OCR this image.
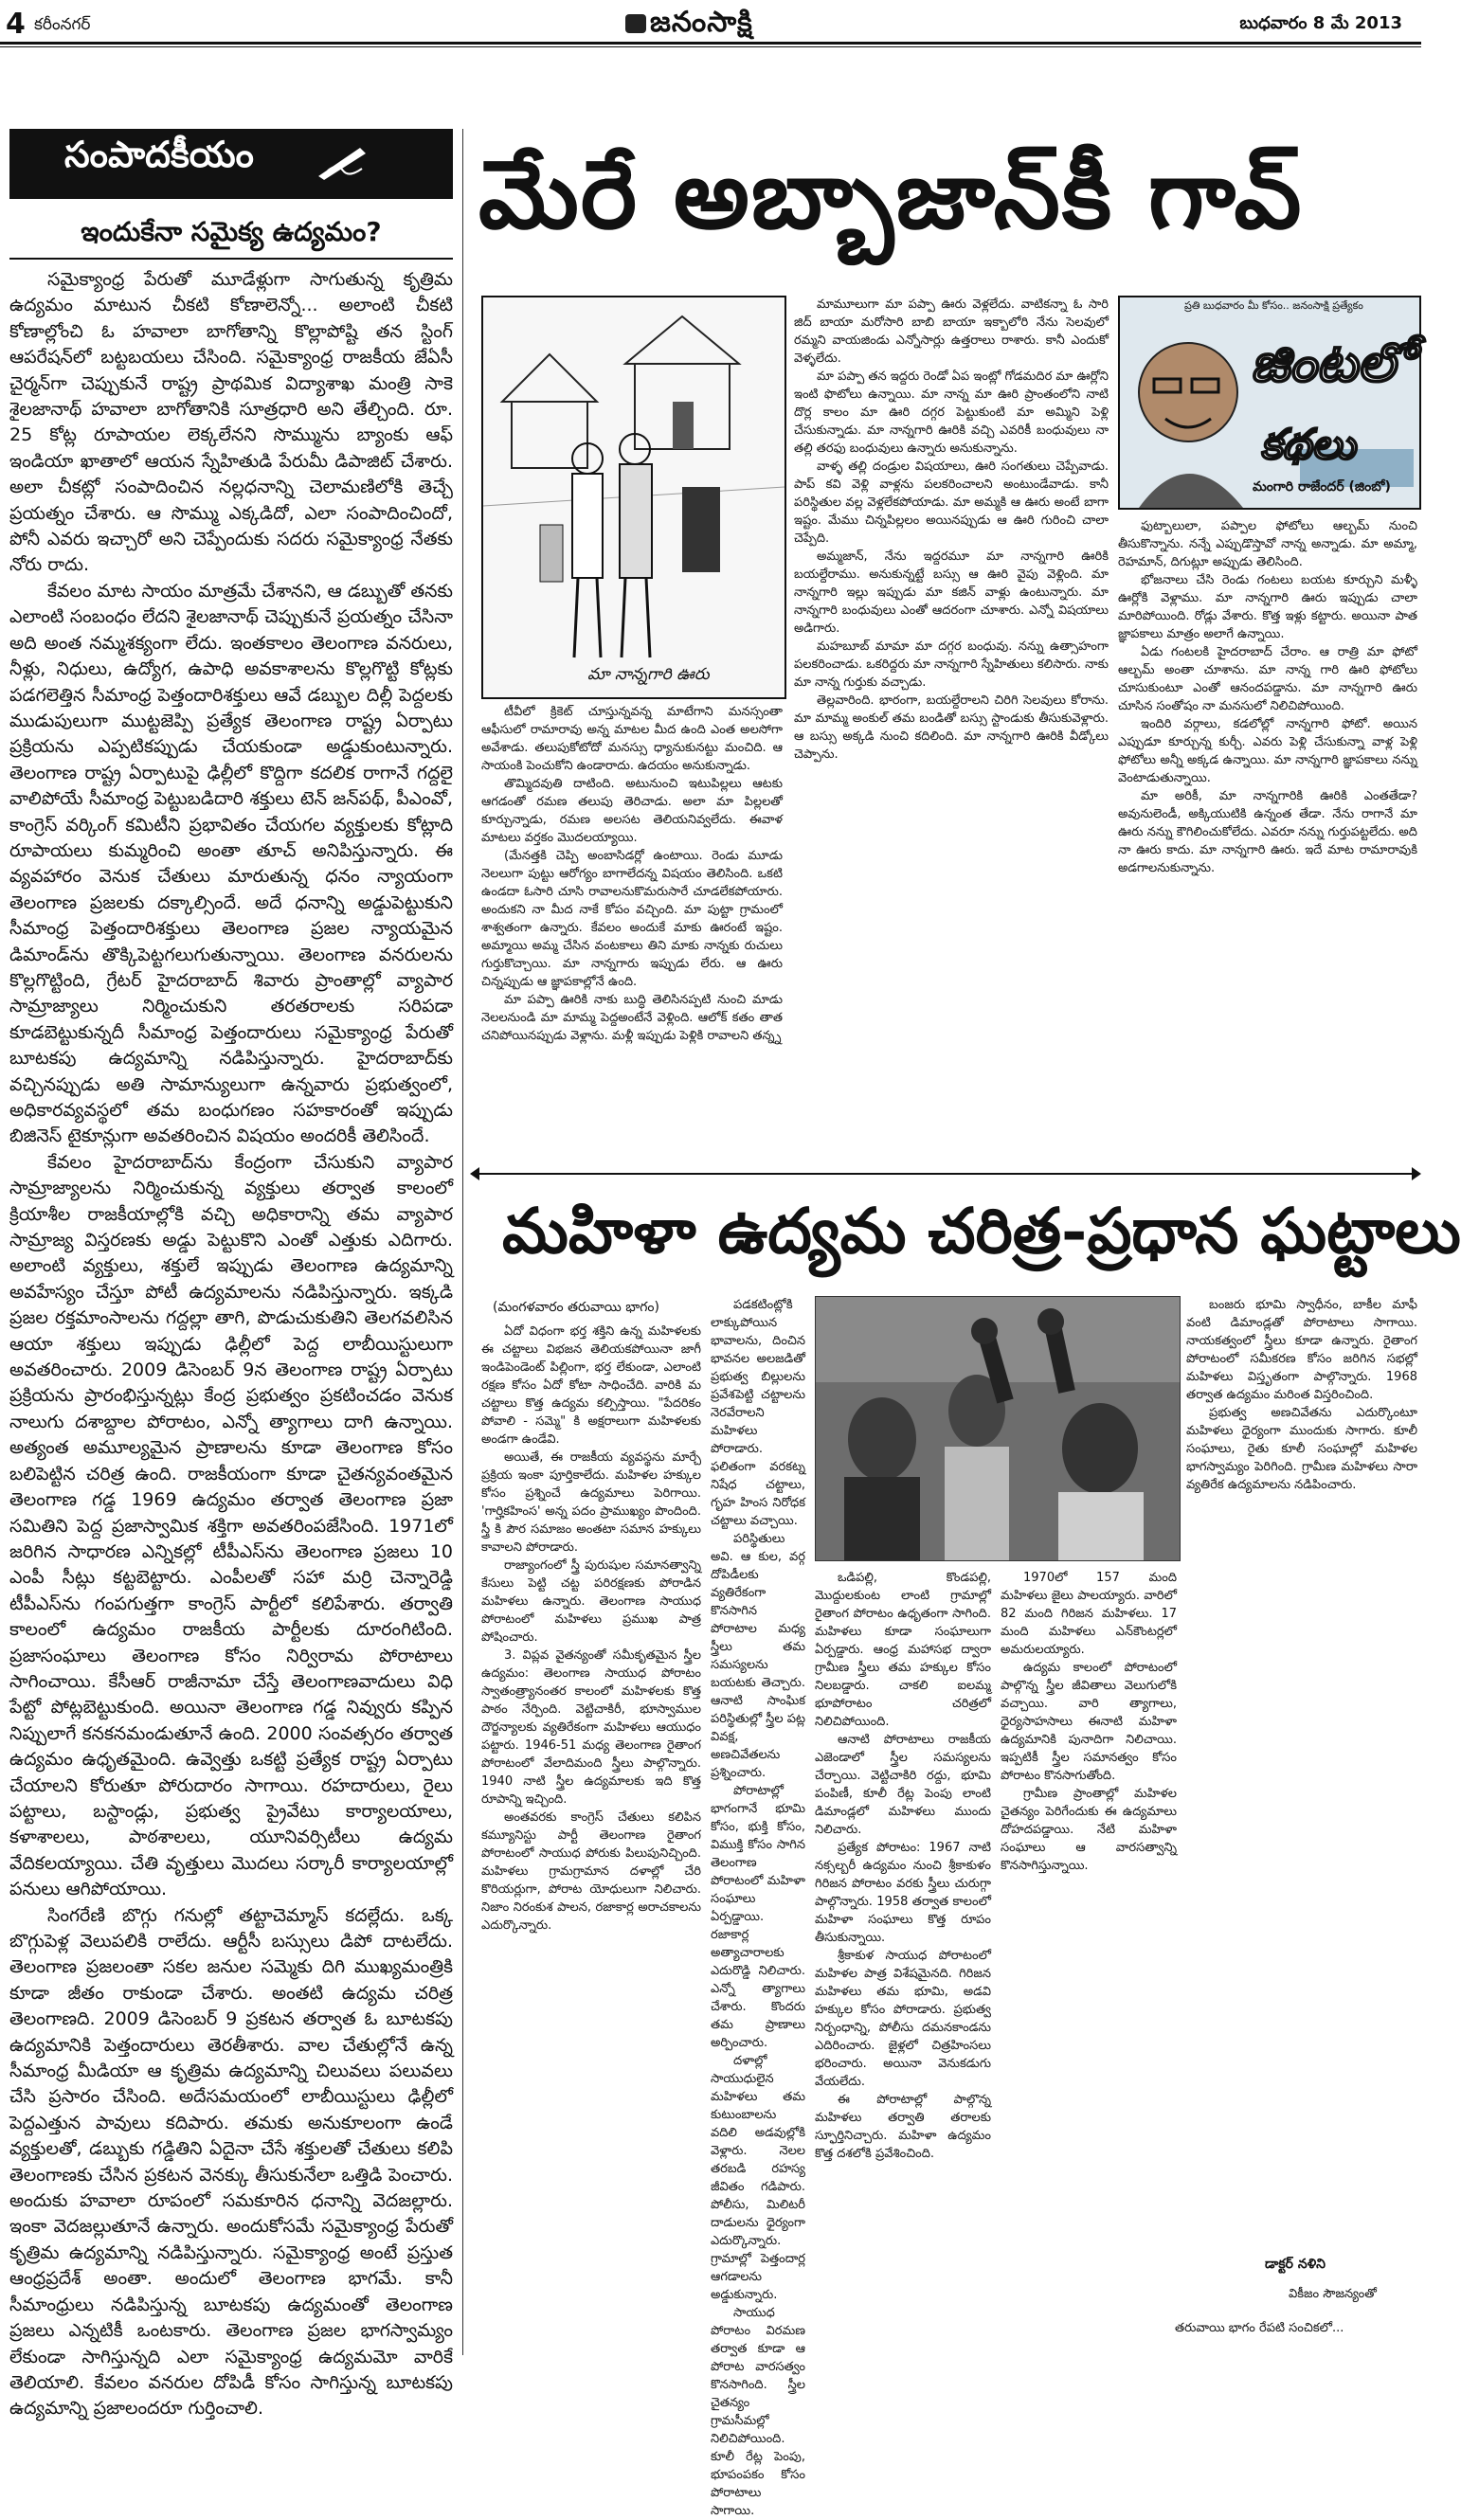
4 కరీంనగర్	జనంసాక్షి	బుధవారం 8 మే 2013
సంపాదకీయం
ఇందుకేనా సమైక్య ఉద్యమం?

సమైక్యాంధ్ర పేరుతో మూడేళ్లుగా సాగుతున్న కృత్రిమ ఉద్యమం మాటున చీకటి కోణాలెన్నో... అలాంటి చీకటి కోణాల్లోంచి ఓ హవాలా బాగోతాన్ని కొల్లాపోష్టి తన స్టింగ్ ఆపరేషన్‌లో బట్టబయలు చేసింది. సమైక్యాంధ్ర రాజకీయ జేఏసీ చైర్మన్‌గా చెప్పుకునే రాష్ట్ర ప్రాథమిక విద్యాశాఖ మంత్రి సాకె శైలజానాథ్ హవాలా బాగోతానికి సూత్రధారి అని తేల్చింది. రూ. 25 కోట్ల రూపాయల లెక్కలేనని సొమ్మును బ్యాంకు ఆఫ్ ఇండియా ఖాతాలో ఆయన స్నేహితుడి పేరుమీ డిపాజిట్ చేశారు. అలా చీకట్లో సంపాదించిన నల్లధనాన్ని చెలామణిలోకి తెచ్చే ప్రయత్నం చేశారు. ఆ సొమ్ము ఎక్కడిదో, ఎలా సంపాదించిందో, పోనీ ఎవరు ఇచ్చారో అని చెప్పేందుకు సదరు సమైక్యాంధ్ర నేతకు నోరు రాదు.

కేవలం మాట సాయం మాత్రమే చేశానని, ఆ డబ్బుతో తనకు ఎలాంటి సంబంధం లేదని శైలజానాథ్ చెప్పుకునే ప్రయత్నం చేసినా అది అంత నమ్మశక్యంగా లేదు. ఇంతకాలం తెలంగాణ వనరులు, నీళ్లు, నిధులు, ఉద్యోగ, ఉపాధి అవకాశాలను కొల్లగొట్టి కోట్లకు పడగలెత్తిన సీమాంధ్ర పెత్తందారిశక్తులు ఆవే డబ్బుల దిల్లీ పెద్దలకు ముడుపులుగా ముట్టజెప్పి ప్రత్యేక తెలంగాణ రాష్ట్ర ఏర్పాటు ప్రక్రియను ఎప్పటికప్పుడు చేయకుండా అడ్డుకుంటున్నారు. తెలంగాణ రాష్ట్ర ఏర్పాటుపై ఢిల్లీలో కొద్దిగా కదలిక రాగానే గద్దలై వాలిపోయే సీమాంధ్ర పెట్టుబడిదారి శక్తులు టెన్ జన్‌పథ్, పీఎంవో, కాంగ్రెస్ వర్కింగ్ కమిటీని ప్రభావితం చేయగల వ్యక్తులకు కోట్లాది రూపాయలు కుమ్మరించి అంతా తూచ్ అనిపిస్తున్నారు. ఈ వ్యవహారం వెనుక చేతులు మారుతున్న ధనం న్యాయంగా తెలంగాణ ప్రజలకు దక్కాల్సిందే. అదే ధనాన్ని అడ్డుపెట్టుకుని సీమాంధ్ర పెత్తందారిశక్తులు తెలంగాణ ప్రజల న్యాయమైన డిమాండ్‌ను తొక్కిపెట్టగలుగుతున్నాయి. తెలంగాణ వనరులను కొల్లగొట్టింది, గ్రేటర్ హైదరాబాద్ శివారు ప్రాంతాల్లో వ్యాపార సామ్రాజ్యాలు నిర్మించుకుని తరతరాలకు సరిపడా కూడబెట్టుకున్నదీ సీమాంధ్ర పెత్తందారులు సమైక్యాంధ్ర పేరుతో బూటకపు ఉద్యమాన్ని నడిపిస్తున్నారు. హైదరాబాద్‌కు వచ్చినప్పుడు అతి సామాన్యులుగా ఉన్నవారు ప్రభుత్వంలో, అధికారవ్యవస్థలో తమ బంధుగణం సహకారంతో ఇప్పుడు బిజినెస్ టైకూన్లుగా అవతరించిన విషయం అందరికీ తెలిసిందే.

కేవలం హైదరాబాద్‌ను కేంద్రంగా చేసుకుని వ్యాపార సామ్రాజ్యాలను నిర్మించుకున్న వ్యక్తులు తర్వాత కాలంలో క్రియాశీల రాజకీయాల్లోకి వచ్చి అధికారాన్ని తమ వ్యాపార సామ్రాజ్య విస్తరణకు అడ్డు పెట్టుకొని ఎంతో ఎత్తుకు ఎదిగారు. అలాంటి వ్యక్తులు, శక్తులే ఇప్పుడు తెలంగాణ ఉద్యమాన్ని అవహేస్యం చేస్తూ పోటీ ఉద్యమాలను నడిపిస్తున్నారు. ఇక్కడి ప్రజల రక్తమాంసాలను గద్దల్లా తాగి, పొడుచుకుతిని తెలగవలిసిన ఆయా శక్తులు ఇప్పుడు ఢిల్లీలో పెద్ద లాబీయిస్టులుగా అవతరించారు. 2009 డిసెంబర్ 9న తెలంగాణ రాష్ట్ర ఏర్పాటు ప్రక్రియను ప్రారంభిస్తున్నట్లు కేంద్ర ప్రభుత్వం ప్రకటించడం వెనుక నాలుగు దశాబ్దాల పోరాటం, ఎన్నో త్యాగాలు దాగి ఉన్నాయి. అత్యంత అమూల్యమైన ప్రాణాలను కూడా తెలంగాణ కోసం బలిపెట్టిన చరిత్ర ఉంది. రాజకీయంగా కూడా చైతన్యవంతమైన తెలంగాణ గడ్డ 1969 ఉద్యమం తర్వాత తెలంగాణ ప్రజా సమితిని పెద్ద ప్రజాస్వామిక శక్తిగా అవతరింపజేసింది. 1971లో జరిగిన సాధారణ ఎన్నికల్లో టీపీఎస్‌ను తెలంగాణ ప్రజలు 10 ఎంపీ సీట్లు కట్టబెట్టారు. ఎంపీలతో సహా మర్రి చెన్నారెడ్డి టీపీఎస్‌ను గంపగుత్తగా కాంగ్రెస్ పార్టీలో కలిపేశారు. తర్వాతి కాలంలో ఉద్యమం రాజకీయ పార్టీలకు దూరంగిటింది. ప్రజాసంఘాలు తెలంగాణ కోసం నిర్విరామ పోరాటాలు సాగించాయి. కేసీఆర్ రాజీనామా చేస్తే తెలంగాణవాదులు విధి పేట్టో పోట్లబెట్టుకుంది. అయినా తెలంగాణ గడ్డ నివ్వురు కప్పిన నిప్పులాగే కనకనమండుతూనే ఉంది. 2000 సంవత్సరం తర్వాత ఉద్యమం ఉధృతమైంది. ఉవ్వెత్తు ఒకట్టి ప్రత్యేక రాష్ట్ర ఏర్పాటు చేయాలని కోరుతూ పోరుదారం సాగాయి. రహదారులు, రైలు పట్టాలు, బస్టాండ్లు, ప్రభుత్వ ప్రైవేటు కార్యాలయాలు, కళాశాలలు, పాఠశాలలు, యూనివర్సిటీలు ఉద్యమ వేదికలయ్యాయి. చేతి వృత్తులు మొదలు సర్కారీ కార్యాలయాల్లో పనులు ఆగిపోయాయి.

సింగరేణి బొగ్గు గనుల్లో తట్టాచెమ్మాస్ కదల్లేదు. ఒక్క బొగ్గుపెళ్ల వెలుపలికి రాలేదు. ఆర్టీసీ బస్సులు డిపో దాటలేదు. తెలంగాణ ప్రజలంతా సకల జనుల సమ్మెకు దిగి ముఖ్యమంత్రికి కూడా జీతం రాకుండా చేశారు. అంతటి ఉద్యమ చరిత్ర తెలంగాణది. 2009 డిసెంబర్ 9 ప్రకటన తర్వాత ఓ బూటకపు ఉద్యమానికి పెత్తందారులు తెరతీశారు. వాల చేతుల్లోనే ఉన్న సీమాంధ్ర మీడియా ఆ కృత్రిమ ఉద్యమాన్ని చిలువలు పలువలు చేసి ప్రసారం చేసింది. అదేసమయంలో లాబీయిస్టులు ఢిల్లీలో పెద్దఎత్తున పావులు కదిపారు. తమకు అనుకూలంగా ఉండే వ్యక్తులతో, డబ్బుకు గడ్డితిని ఏదైనా చేసే శక్తులతో చేతులు కలిపి తెలంగాణకు చేసిన ప్రకటన వెనక్కు తీసుకునేలా ఒత్తిడి పెంచారు. అందుకు హవాలా రూపంలో సమకూరిన ధనాన్ని వెదజల్లారు. ఇంకా వెదజల్లుతూనే ఉన్నారు. అందుకోసమే సమైక్యాంధ్ర పేరుతో కృత్రిమ ఉద్యమాన్ని నడిపిస్తున్నారు. సమైక్యాంధ్ర అంటే ప్రస్తుత ఆంధ్రప్రదేశ్ అంతా. అందులో తెలంగాణ భాగమే. కానీ సీమాంధ్రులు నడిపిస్తున్న బూటకపు ఉద్యమంతో తెలంగాణ ప్రజలు ఎన్నటికీ ఒంటకారు. తెలంగాణ ప్రజల భాగస్వామ్యం లేకుండా సాగిస్తున్నది ఎలా సమైక్యాంధ్ర ఉద్యమమో వారికే తెలియాలి. కేవలం వనరుల దోపిడీ కోసం సాగిస్తున్న బూటకపు ఉద్యమాన్ని ప్రజాలందరూ గుర్తించాలి.

మేరే అబ్బాజాన్‌కీ గావ్
మా నాన్నగారి ఊరు

టీవీలో క్రికెట్ చూస్తున్నవన్న మాటేగాని మనస్సంతా ఆఫీసులో రామారావు అన్న మాటల మీద ఉంది ఎంత అలసోగా అవేశాడు. తలుపుకోటోదో మనస్సు ధ్యానుకునట్టు మంచిది. ఆ సాయంకి పెంచుకోని ఉండారాదు. ఉదయం అనుకున్నాడు.

తొమ్మిదవుతి దాటింది. అటునుంచి ఇటుపిల్లలు ఆటకు ఆగడంతో రమణ తలుపు తెరిచాడు. అలా మా పిల్లలతో కూర్చున్నాడు, రమణ అలసట తెలియనివ్వలేదు. ఈవాళ మాటలు వర్తకం మొదలయ్యాయి.

(మేనత్తకి చెప్పి అంబాసిడర్లో ఉంటాయి. రెండు మూడు నెలలుగా పుట్టు ఆరోగ్యం బాగాలేదన్న విషయం తెలిసింది. ఒకటి ఉండదా ఓసారి చూసి రావాలనుకొమరుసారే చూడలేకపోయారు. అందుకని నా మీద నాకే కోపం వచ్చింది. మా పుట్టా గ్రామంలో శాశ్వతంగా ఉన్నారు. కేవలం అందుకే మాకు ఊరంటే ఇష్టం. అమ్మాయి అమ్మ చేసిన వంటకాలు తిని మాకు నాన్నకు రుచులు గుర్తుకొచ్చాయి. మా నాన్నగారు ఇప్పుడు లేరు. ఆ ఊరు చిన్నప్పుడు ఆ జ్ఞాపకాల్లోనే ఉంది.

మా పప్పా ఊరికి నాకు బుద్ధి తెలిసినప్పటి నుంచి మాడు నెలలనుండి మా మామ్మ పెద్దఅంటేనే వెళ్లింది. ఆలోక్ కతం తాత చనిపోయినప్పుడు వెళ్లాను. మళ్లీ ఇప్పుడు పెళ్లికి రావాలని తన్న్న

మామూలుగా మా పప్పా ఊరు వెళ్లలేదు. వాటికన్నా ఓ సారి జిద్ బాయా మరోసారి బాబి బాయా ఇక్బాలోరి నేను సెలవులో రమ్మని వాయజిండు ఎన్నోసార్లు ఉత్తరాలు రాశారు. కానీ ఎందుకో వెళ్ళలేదు.

మా పప్పా తన ఇద్దరు రెండో ఏప ఇంట్లో గోడమదిర మా ఊర్లోని ఇంటి ఫొటోలు ఉన్నాయి. మా నాన్న మా ఊరి ప్రాంతంలోని నాటి దొర్ల కాలం మా ఊరి దగ్గర పెట్టుకుంటి మా అమ్మిని పెళ్లి చేసుకున్నాడు. మా నాన్నగారి ఊరికి వచ్చి ఎవరికీ బంధువులు నా తల్లి తరఫు బంధువులు ఉన్నారు అనుకున్నాను.

వాళ్ళ తల్లి దండ్రుల విషయాలు, ఊరి సంగతులు చెప్పేవాడు. పాప్ కవి వెళ్లి వాళ్లను పలకరించాలని అంటుండేవాడు. కానీ పరిస్థితుల వల్ల వెళ్లలేకపోయాడు. మా అమ్మకి ఆ ఊరు అంటే బాగా ఇష్టం. మేము చిన్నపిల్లలం అయినప్పుడు ఆ ఊరి గురించి చాలా చెప్పేది.

అమ్మజాన్, నేను ఇద్దరమూ మా నాన్నగారి ఊరికి బయల్దేరాము. అనుకున్నట్టే బస్సు ఆ ఊరి వైపు వెళ్లింది. మా నాన్నగారి ఇల్లు ఇప్పుడు మా కజిన్ వాళ్లు ఉంటున్నారు. మా నాన్నగారి బంధువులు ఎంతో ఆదరంగా చూశారు. ఎన్నో విషయాలు అడిగారు.

మహబూబ్ మామా మా దగ్గర బంధువు. నన్ను ఉత్సాహంగా పలకరించాడు. ఒకరిద్దరు మా నాన్నగారి స్నేహితులు కలిసారు. నాకు మా నాన్న గుర్తుకు వచ్చాడు.

తెల్లవారింది. భారంగా, బయల్దేరాలని చిరిగి సెలవులు కోరాను. మా మామ్మ అంకుల్ తమ బండితో బస్సు స్టాండుకు తీసుకువెళ్లారు. ఆ బస్సు అక్కడి నుంచి కదిలింది. మా నాన్నగారి ఊరికి వీడ్కోలు చెప్పాను.

ప్రతి బుధవారం మీ కోసం.. జనంసాక్షి ప్రత్యేకం
జింటలో
కథలు
మంగారి రాజేందర్ (జింబో)

ఫుట్బాలులా, పప్పాల ఫోటోలు ఆల్బమ్ నుంచి తీసుకొన్నాను. నన్నే ఎప్పుడొస్తావో నాన్న అన్నాడు. మా అమ్మా, రెహమాన్, దిగుట్లూ అప్పుడు తెలిసింది.

భోజనాలు చేసి రెండు గంటలు బయట కూర్చుని మళ్ళీ ఊర్లోకి వెళ్లాము. మా నాన్నగారి ఊరు ఇప్పుడు చాలా మారిపోయింది. రోడ్లు వేశారు. కొత్త ఇళ్లు కట్టారు. అయినా పాత జ్ఞాపకాలు మాత్రం అలాగే ఉన్నాయి.

ఏడు గంటలకి హైదరాబాద్ చేరాం. ఆ రాత్రి మా ఫోటో ఆల్బమ్ అంతా చూశాను. మా నాన్న గారి ఊరి ఫోటోలు చూసుకుంటూ ఎంతో ఆనందపడ్డాను. మా నాన్నగారి ఊరు చూసిన సంతోషం నా మనసులో నిలిచిపోయింది.

ఇందిరి వర్గాలు, కడలోల్లో నాన్నగారి ఫోటో. అయిన ఎప్పుడూ కూర్చున్న కుర్చీ. ఎవరు పెళ్లి చేసుకున్నా వాళ్ల పెళ్లి ఫోటోలు అన్నీ అక్కడ ఉన్నాయి. మా నాన్నగారి జ్ఞాపకాలు నన్ను వెంటాడుతున్నాయి.

మా అరికీ, మా నాన్నగారికి ఊరికి ఎంతతేడా? అవునులెండీ, అక్కియుటికి ఉన్నంత తేడా. నేను రాగానే మా ఊరు నన్ను కౌగిలించుకోలేదు. ఎవరూ నన్ను గుర్తుపట్టలేదు. అది నా ఊరు కాదు. మా నాన్నగారి ఊరు. ఇదే మాట రామారావుకి అడగాలనుకున్నాను.

మహిళా ఉద్యమ చరిత్ర-ప్రధాన ఘట్టాలు
(మంగళవారం తరువాయి భాగం)

ఏదో విధంగా భర్త శక్తిని ఉన్న మహిళలకు ఈ చట్టాలు విభజన తెలియకపోయినా జాగీ ఇండిపెండెంట్ పిల్లింగా, భర్త లేకుండా, ఎలాంటి రక్షణ కోసం ఏదో కోటా సాధించేది. వారికి మ చట్టాలు కొత్త ఉద్యమ కల్పిస్తాయి. "పేదరికం పోవాలి - సమ్మె" కి అక్షరాలుగా మహిళలకు అండగా ఉండేవి.

అయితే, ఈ రాజకీయ వ్యవస్థను మార్చే ప్రక్రియ ఇంకా పూర్తికాలేదు. మహిళల హక్కుల కోసం ప్రశ్నించే ఉద్యమాలు పెరిగాయి. 'గార్హికహింస' అన్న పదం ప్రాముఖ్యం పొందింది. స్త్రీ కి పౌర సమాజం అంతటా సమాన హక్కులు కావాలని పోరాడారు.

రాజ్యాంగంలో స్త్రీ పురుషుల సమానత్వాన్ని కేసులు పెట్టి చట్ట పరిరక్షణకు పోరాడిన మహిళలు ఉన్నారు. తెలంగాణ సాయుధ పోరాటంలో మహిళలు ప్రముఖ పాత్ర పోషించారు.

3. విప్లవ వైతన్యంతో సమీకృతమైన స్త్రీల ఉద్యమం: తెలంగాణ సాయుధ పోరాటం స్వాతంత్ర్యానంతర కాలంలో మహిళలకు కొత్త పాఠం నేర్పింది. వెట్టిచాకిరీ, భూస్వాముల దౌర్జన్యాలకు వ్యతిరేకంగా మహిళలు ఆయుధం పట్టారు. 1946-51 మధ్య తెలంగాణ రైతాంగ పోరాటంలో వేలాదిమంది స్త్రీలు పాల్గొన్నారు. 1940 నాటి స్త్రీల ఉద్యమాలకు ఇది కొత్త రూపాన్ని ఇచ్చింది.

అంతవరకు కాంగ్రెస్ చేతులు కలిపిన కమ్యూనిస్టు పార్టీ తెలంగాణ రైతాంగ పోరాటంలో సాయుధ పోరుకు పిలుపునిచ్చింది. మహిళలు గ్రామగ్రామాన దళాల్లో చేరి కొరియర్లుగా, పోరాట యోధులుగా నిలిచారు. నిజాం నిరంకుశ పాలన, రజాకార్ల అరాచకాలను ఎదుర్కొన్నారు.

పడకటింట్లోకి లాక్కుపోయిన భావాలను, దించిన భావనల అలజడితో ప్రభుత్వ బిల్లులను ప్రవేశపెట్టి చట్టాలను నెరవేరాలని మహిళలు పోరాడారు. ఫలితంగా వరకట్న నిషేధ చట్టాలు, గృహ హింస నిరోధక చట్టాలు వచ్చాయి.

పరిస్థితులు అవి. ఆ కుల, వర్గ దోపిడీలకు వ్యతిరేకంగా కొనసాగిన పోరాటాల మధ్య స్త్రీలు తమ సమస్యలను బయటకు తెచ్చారు. ఆనాటి సాంఘిక పరిస్థితుల్లో స్త్రీల పట్ల వివక్ష, అణచివేతలను ప్రశ్నించారు.

పోరాటాల్లో భాగంగానే భూమి కోసం, భుక్తి కోసం, విముక్తి కోసం సాగిన తెలంగాణ పోరాటంలో మహిళా సంఘాలు ఏర్పడ్డాయి. రజాకార్ల అత్యాచారాలకు ఎదురొడ్డి నిలిచారు. ఎన్నో త్యాగాలు చేశారు. కొందరు తమ ప్రాణాలు అర్పించారు.

దళాల్లో సాయుధులైన మహిళలు తమ కుటుంబాలను వదిలి అడవుల్లోకి వెళ్లారు. నెలల తరబడి రహస్య జీవితం గడిపారు. పోలీసు, మిలిటరీ దాడులను ధైర్యంగా ఎదుర్కొన్నారు. గ్రామాల్లో పెత్తందార్ల ఆగడాలను అడ్డుకున్నారు.

సాయుధ పోరాటం విరమణ తర్వాత కూడా ఆ పోరాట వారసత్వం కొనసాగింది. స్త్రీల చైతన్యం గ్రామసీమల్లో నిలిచిపోయింది. కూలీ రేట్ల పెంపు, భూపంపకం కోసం పోరాటాలు సాగాయి.

ఒడిపల్లి, కొండపల్లి, మొద్దులకుంట లాంటి గ్రామాల్లో రైతాంగ పోరాటం ఉధృతంగా సాగింది. మహిళలు కూడా సంఘాలుగా ఏర్పడ్డారు. ఆంధ్ర మహాసభ ద్వారా గ్రామీణ స్త్రీలు తమ హక్కుల కోసం నిలబడ్డారు. చాకలి ఐలమ్మ భూపోరాటం చరిత్రలో నిలిచిపోయింది.

ఆనాటి పోరాటాలు రాజకీయ ఎజెండాలో స్త్రీల సమస్యలను చేర్చాయి. వెట్టిచాకిరి రద్దు, భూమి పంపిణీ, కూలీ రేట్ల పెంపు లాంటి డిమాండ్లలో మహిళలు ముందు నిలిచారు.

ప్రత్యేక పోరాటం: 1967 నాటి నక్సల్బరీ ఉద్యమం నుంచి శ్రీకాకుళం గిరిజన పోరాటం వరకు స్త్రీలు చురుగ్గా పాల్గొన్నారు. 1958 తర్వాత కాలంలో మహిళా సంఘాలు కొత్త రూపం తీసుకున్నాయి.

శ్రీకాకుళ సాయుధ పోరాటంలో మహిళల పాత్ర విశేషమైనది. గిరిజన మహిళలు తమ భూమి, అడవి హక్కుల కోసం పోరాడారు. ప్రభుత్వ నిర్బంధాన్ని, పోలీసు దమనకాండను ఎదిరించారు. జైళ్లలో చిత్రహింసలు భరించారు. అయినా వెనుకడుగు వేయలేదు.

ఈ పోరాటాల్లో పాల్గొన్న మహిళలు తర్వాతి తరాలకు స్ఫూర్తినిచ్చారు. మహిళా ఉద్యమం కొత్త దశలోకి ప్రవేశించింది.

1970లో 157 మంది మహిళలు జైలు పాలయ్యారు. వారిలో 82 మంది గిరిజన మహిళలు. 17 మంది మహిళలు ఎన్‌కౌంటర్లలో అమరులయ్యారు.

ఉద్యమ కాలంలో పోరాటంలో పాల్గొన్న స్త్రీల జీవితాలు వెలుగులోకి వచ్చాయి. వారి త్యాగాలు, ధైర్యసాహసాలు ఈనాటి మహిళా ఉద్యమానికి పునాదిగా నిలిచాయి. ఇప్పటికీ స్త్రీల సమానత్వం కోసం పోరాటం కొనసాగుతోంది.

గ్రామీణ ప్రాంతాల్లో మహిళల చైతన్యం పెరిగేందుకు ఈ ఉద్యమాలు దోహదపడ్డాయి. నేటి మహిళా సంఘాలు ఆ వారసత్వాన్ని కొనసాగిస్తున్నాయి.

బంజరు భూమి స్వాధీనం, బాకీల మాఫీ వంటి డిమాండ్లతో పోరాటాలు సాగాయి. నాయకత్వంలో స్త్రీలు కూడా ఉన్నారు. రైతాంగ పోరాటంలో సమీకరణ కోసం జరిగిన సభల్లో మహిళలు విస్తృతంగా పాల్గొన్నారు. 1968 తర్వాత ఉద్యమం మరింత విస్తరించింది.

ప్రభుత్వ అణచివేతను ఎదుర్కొంటూ మహిళలు ధైర్యంగా ముందుకు సాగారు. కూలీ సంఘాలు, రైతు కూలీ సంఘాల్లో మహిళల భాగస్వామ్యం పెరిగింది. గ్రామీణ మహిళలు సారా వ్యతిరేక ఉద్యమాలను నడిపించారు.

డాక్టర్ నళిని
వికీజం సౌజన్యంతో
తరువాయి భాగం రేపటి సంచికలో...
